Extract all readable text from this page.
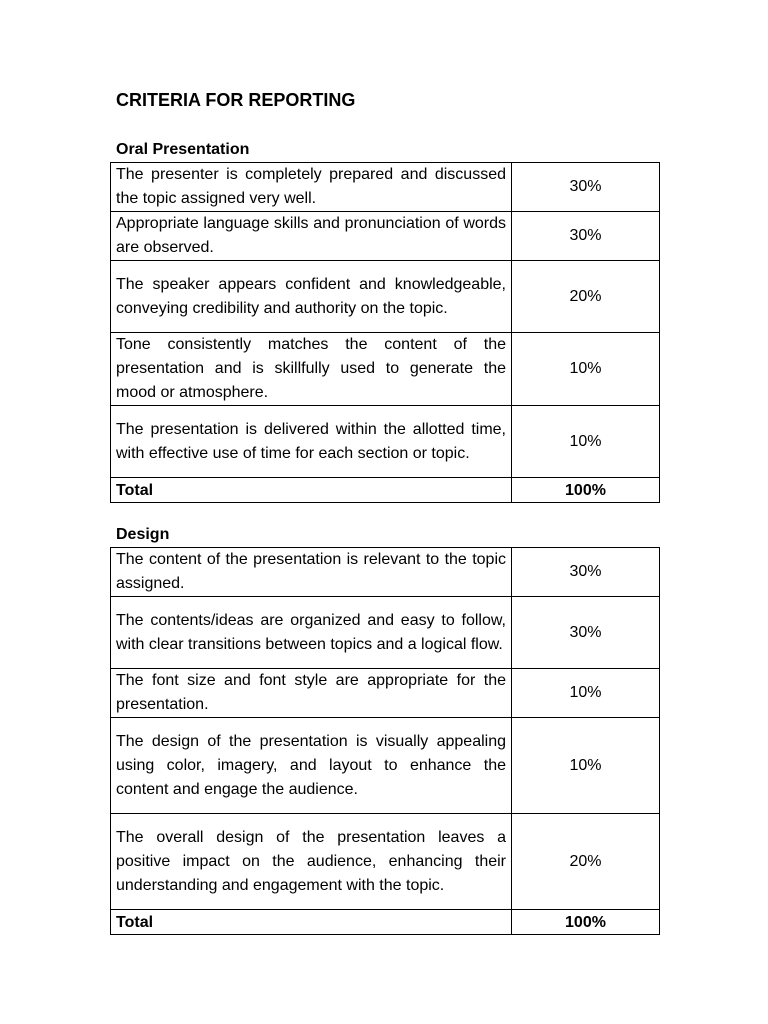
CRITERIA FOR REPORTING
Oral Presentation
The presenter is completely prepared and discussed the topic assigned very well.	30%
Appropriate language skills and pronunciation of words are observed.	30%
The speaker appears confident and knowledgeable, conveying credibility and authority on the topic.	20%
Tone consistently matches the content of the presentation and is skillfully used to generate the mood or atmosphere.	10%
The presentation is delivered within the allotted time, with effective use of time for each section or topic.	10%
Total	100%
Design
The content of the presentation is relevant to the topic assigned.	30%
The contents/ideas are organized and easy to follow, with clear transitions between topics and a logical flow.	30%
The font size and font style are appropriate for the presentation.	10%
The design of the presentation is visually appealing using color, imagery, and layout to enhance the content and engage the audience.	10%
The overall design of the presentation leaves a positive impact on the audience, enhancing their understanding and engagement with the topic.	20%
Total	100%
